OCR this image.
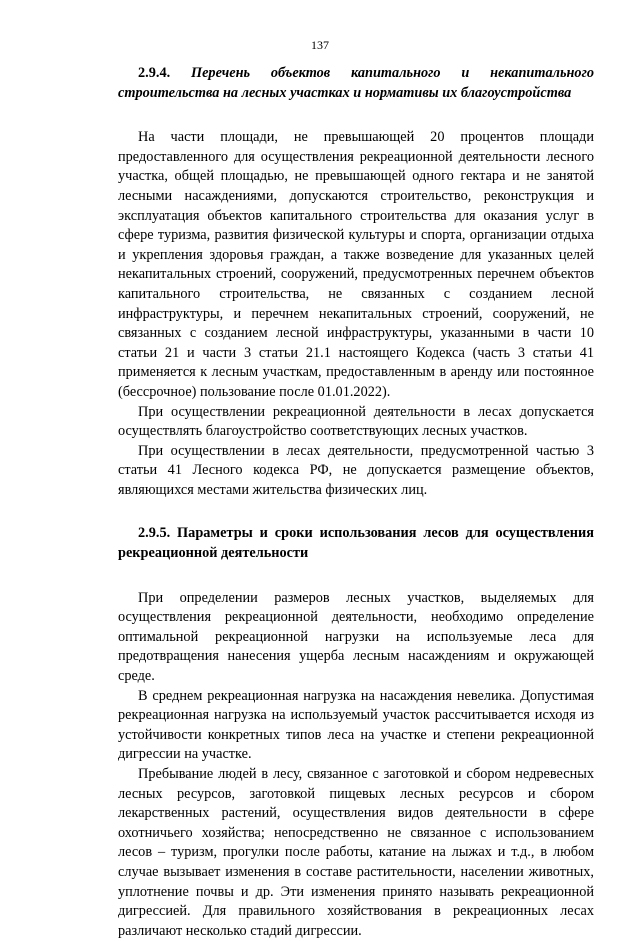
137
2.9.4. Перечень объектов капитального и некапитального строительства на лесных участках и нормативы их благоустройства

На части площади, не превышающей 20 процентов площади предоставленного для осуществления рекреационной деятельности лесного участка, общей площадью, не превышающей одного гектара и не занятой лесными насаждениями, допускаются строительство, реконструкция и эксплуатация объектов капитального строительства для оказания услуг в сфере туризма, развития физической культуры и спорта, организации отдыха и укрепления здоровья граждан, а также возведение для указанных целей некапитальных строений, сооружений, предусмотренных перечнем объектов капитального строительства, не связанных с созданием лесной инфраструктуры, и перечнем некапитальных строений, сооружений, не связанных с созданием лесной инфраструктуры, указанными в части 10 статьи 21 и части 3 статьи 21.1 настоящего Кодекса (часть 3 статьи 41 применяется к лесным участкам, предоставленным в аренду или постоянное (бессрочное) пользование после 01.01.2022).

При осуществлении рекреационной деятельности в лесах допускается осуществлять благоустройство соответствующих лесных участков.

При осуществлении в лесах деятельности, предусмотренной частью 3 статьи 41 Лесного кодекса РФ, не допускается размещение объектов, являющихся местами жительства физических лиц.

2.9.5. Параметры и сроки использования лесов для осуществления рекреационной деятельности

При определении размеров лесных участков, выделяемых для осуществления рекреационной деятельности, необходимо определение оптимальной рекреационной нагрузки на используемые леса для предотвращения нанесения ущерба лесным насаждениям и окружающей среде.

В среднем рекреационная нагрузка на насаждения невелика. Допустимая рекреационная нагрузка на используемый участок рассчитывается исходя из устойчивости конкретных типов леса на участке и степени рекреационной дигрессии на участке.

Пребывание людей в лесу, связанное с заготовкой и сбором недревесных лесных ресурсов, заготовкой пищевых лесных ресурсов и сбором лекарственных растений, осуществления видов деятельности в сфере охотничьего хозяйства; непосредственно не связанное с использованием лесов – туризм, прогулки после работы, катание на лыжах и т.д., в любом случае вызывает изменения в составе растительности, населении животных, уплотнение почвы и др. Эти изменения принято называть рекреационной дигрессией. Для правильного хозяйствования в рекреационных лесах различают несколько стадий дигрессии.
